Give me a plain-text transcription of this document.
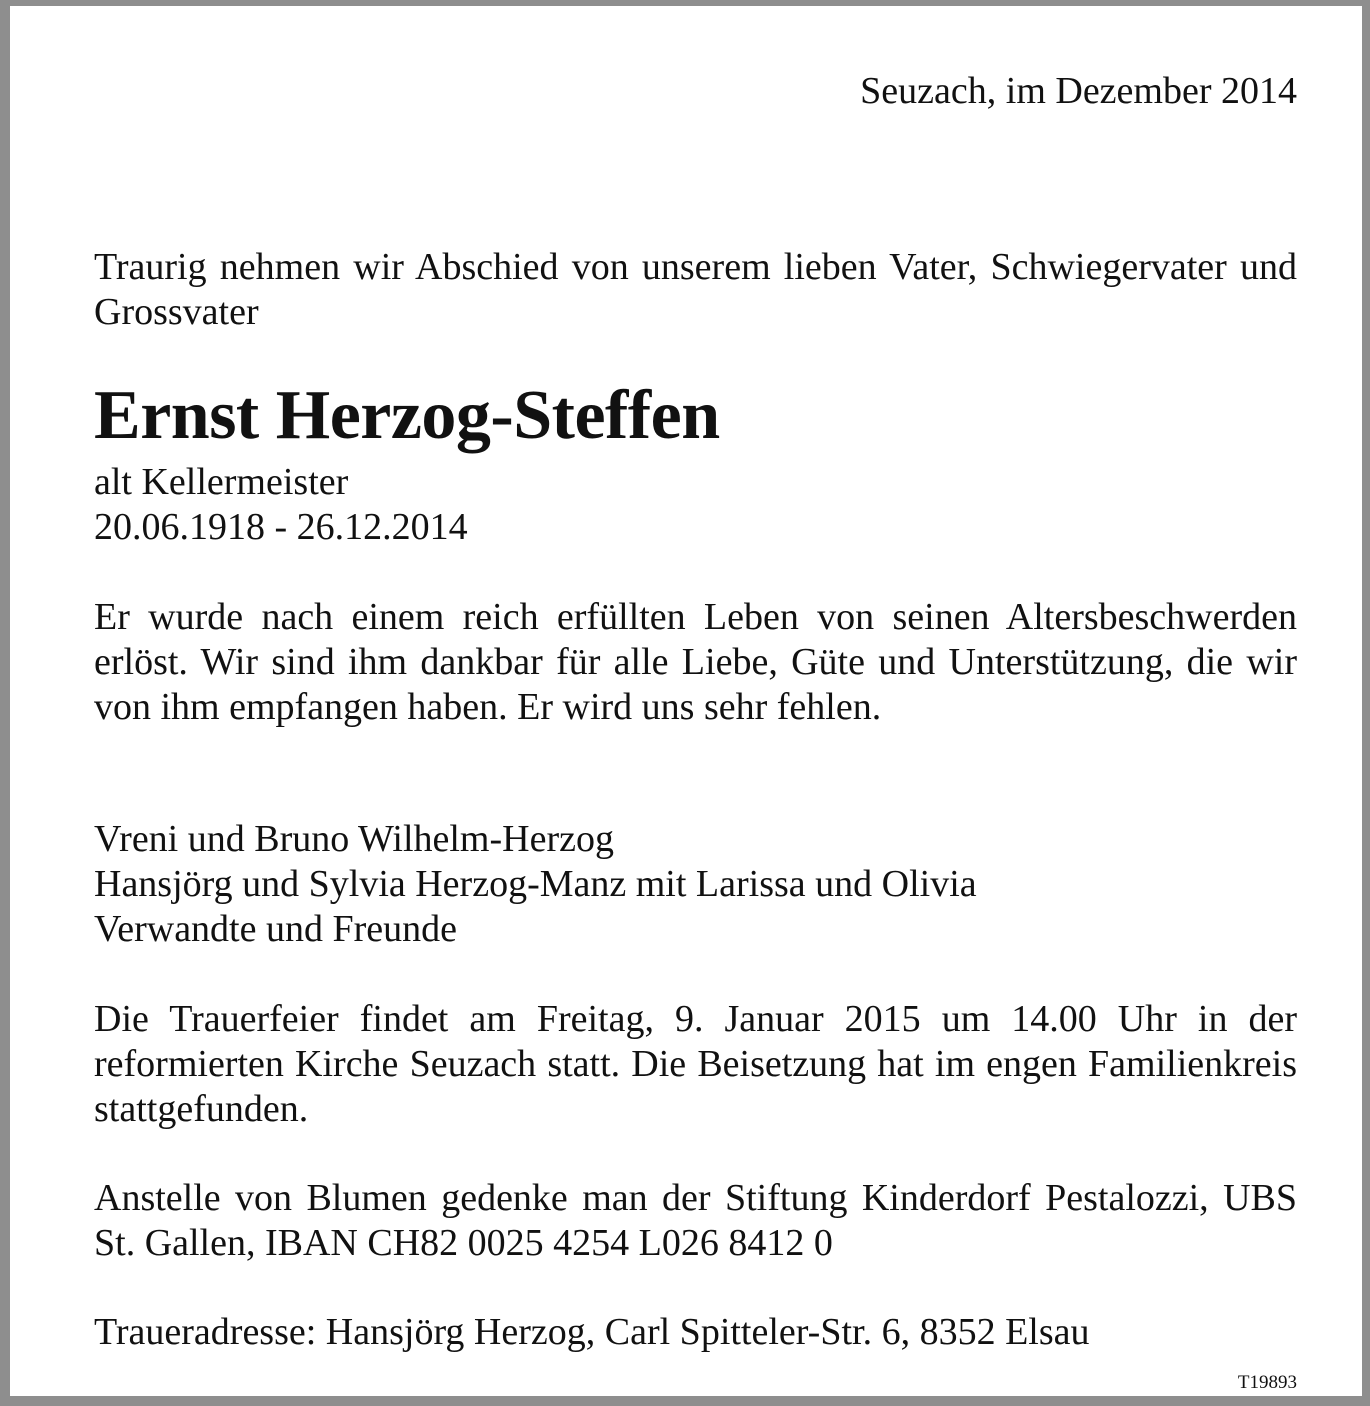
Seuzach, im Dezember 2014

Traurig nehmen wir Abschied von unserem lieben Vater, Schwiegervater und Grossvater

Ernst Herzog-Steffen
alt Kellermeister
20.06.1918 - 26.12.2014

Er wurde nach einem reich erfüllten Leben von seinen Altersbeschwerden erlöst. Wir sind ihm dankbar für alle Liebe, Güte und Unterstützung, die wir von ihm empfangen haben. Er wird uns sehr fehlen.

Vreni und Bruno Wilhelm-Herzog
Hansjörg und Sylvia Herzog-Manz mit Larissa und Olivia
Verwandte und Freunde

Die Trauerfeier findet am Freitag, 9. Januar 2015 um 14.00 Uhr in der reformierten Kirche Seuzach statt. Die Beisetzung hat im engen Familienkreis stattgefunden.

Anstelle von Blumen gedenke man der Stiftung Kinderdorf Pestalozzi, UBS St. Gallen, IBAN CH82 0025 4254 L026 8412 0

Traueradresse: Hansjörg Herzog, Carl Spitteler-Str. 6, 8352 Elsau
T19893
